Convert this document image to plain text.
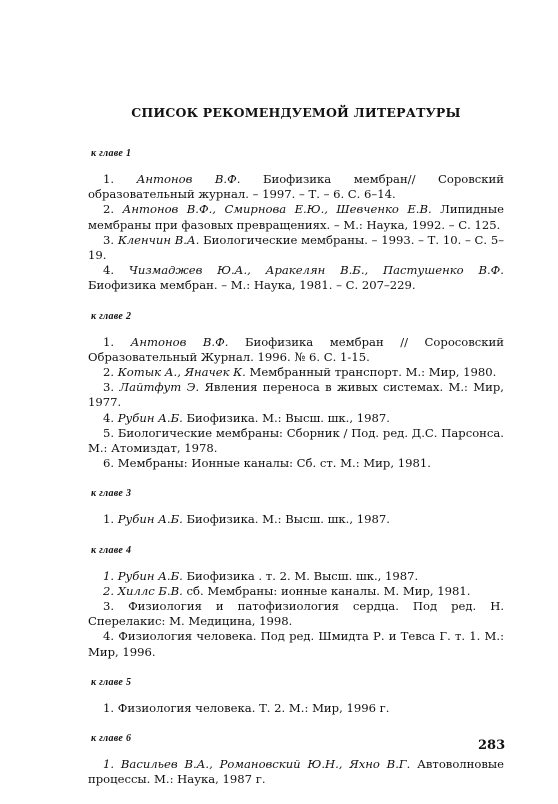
СПИСОК РЕКОМЕНДУЕМОЙ ЛИТЕРАТУРЫ
к главе 1

1. Антонов В.Ф. Биофизика мембран// Соровский образовательный журнал. – 1997. – Т. – 6. С. 6–14.

2. Антонов В.Ф., Смирнова Е.Ю., Шевченко Е.В. Липидные мембраны при фазовых превращениях. – М.: Наука, 1992. – С. 125.

3. Кленчин В.А. Биологические мембраны. – 1993. – Т. 10. – С. 5–19.

4. Чизмаджев Ю.А., Аракелян В.Б., Пастушенко В.Ф. Биофизика мембран. – М.: Наука, 1981. – С. 207–229.

к главе 2

1. Антонов В.Ф. Биофизика мембран // Соросовский Образовательный Журнал. 1996. № 6. С. 1-15.

2. Котык А., Яначек К. Мембранный транспорт. М.: Мир, 1980.

3. Лайтфут Э. Явления переноса в живых системах. М.: Мир, 1977.

4. Рубин А.Б. Биофизика. М.: Высш. шк., 1987.

5. Биологические мембраны: Сборник / Под. ред. Д.С. Парсонса. М.: Атомиздат, 1978.

6. Мембраны: Ионные каналы: Сб. ст. М.: Мир, 1981.

к главе 3

1. Рубин А.Б. Биофизика. М.: Высш. шк., 1987.

к главе 4

1. Рубин А.Б. Биофизика . т. 2. М. Высш. шк., 1987.

2. Хиллс Б.В. сб. Мембраны: ионные каналы. М. Мир, 1981.

3. Физиология и патофизиология сердца. Под ред. Н. Сперелакис: М. Медицина, 1998.

4. Физиология человека. Под ред. Шмидта Р. и Тевса Г. т. 1. М.: Мир, 1996.

к главе 5

1. Физиология человека. Т. 2. М.: Мир, 1996 г.

к главе 6

1. Васильев В.А., Романовский Ю.Н., Яхно В.Г. Автоволновые процессы. М.: Наука, 1987 г.

283
